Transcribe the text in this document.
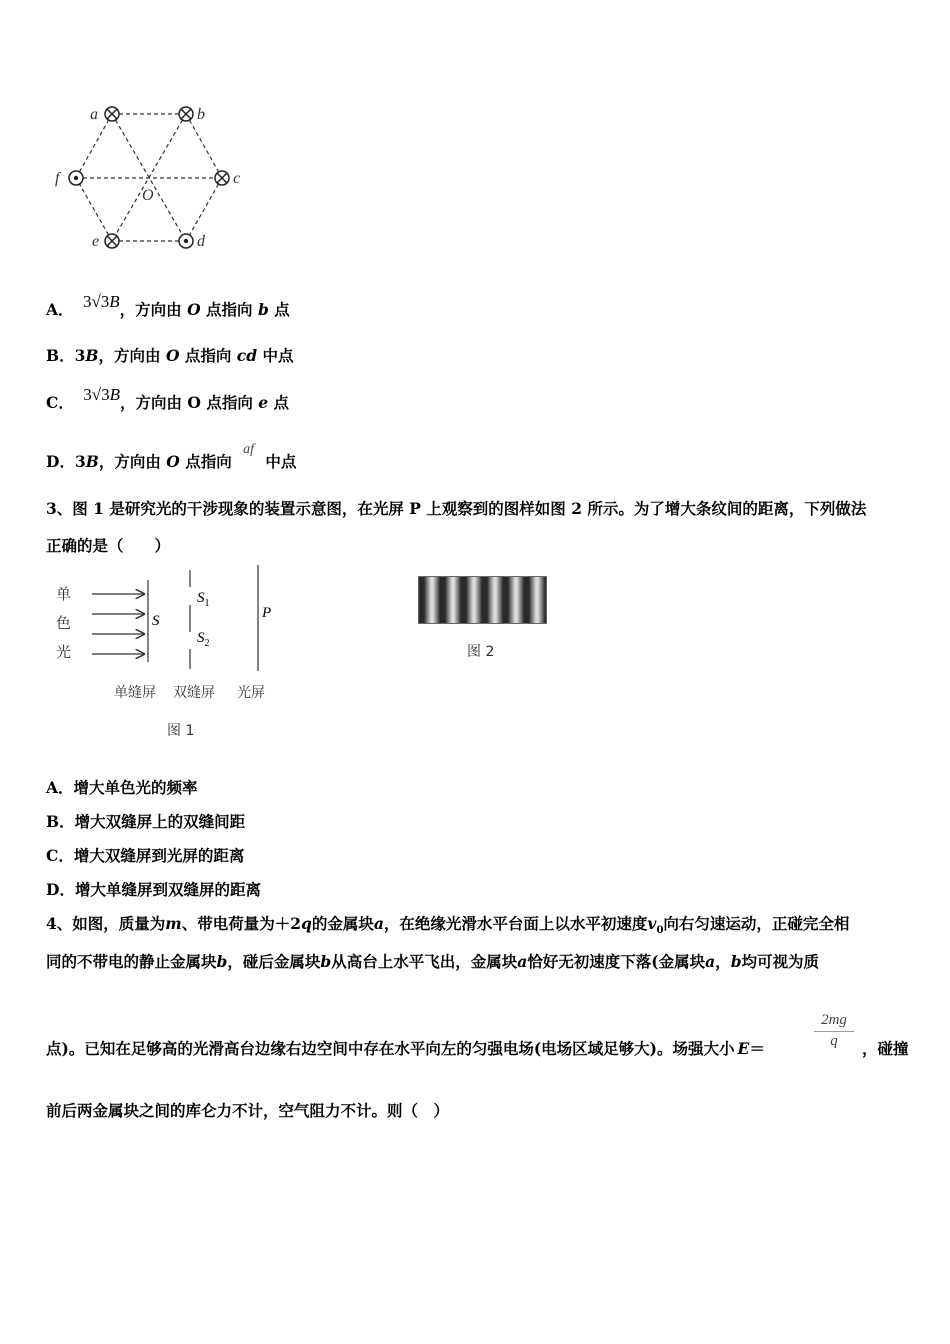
a	b
c
d
e
f
O
A． 3√3B，方向由 O 点指向 b 点
B．3B，方向由 O 点指向 cd 中点
C． 3√3B，方向由 O 点指向 e 点
D．3B，方向由 O 点指向 af 中点
3、图 1 是研究光的干涉现象的装置示意图，在光屏 P 上观察到的图样如图 2 所示。为了增大条纹间的距离，下列做法
正确的是（　　）
单
色
光
S
$S_1$
$S_2$
P
单缝屏 双缝屏 光屏
图 1
图 2
A．增大单色光的频率
B．增大双缝屏上的双缝间距
C．增大双缝屏到光屏的距离
D．增大单缝屏到双缝屏的距离
4、如图，质量为m、带电荷量为＋2q的金属块a，在绝缘光滑水平台面上以水平初速度$v_0$向右匀速运动，正碰完全相
同的不带电的静止金属块b，碰后金属块b从高台上水平飞出，金属块a恰好无初速度下落(金属块a，b均可视为质
$\frac{2mg}{q}$
点)。已知在足够高的光滑高台边缘右边空间中存在水平向左的匀强电场(电场区域足够大)。场强大小 E＝	，碰撞
前后两金属块之间的库仑力不计，空气阻力不计。则（　）
